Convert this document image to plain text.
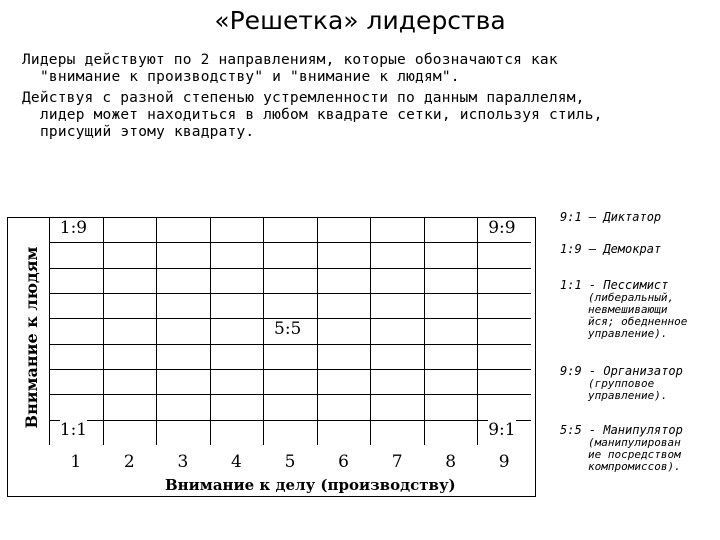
«Решетка» лидерства
Лидеры действуют по 2 направлениям, которые обозначаются как
"внимание к производству" и "внимание к людям".
Действуя с разной степенью устремленности по данным параллелям,
лидер может находиться в любом квадрате сетки, используя стиль,
присущий этому квадрату.
Внимание к людям
1:9	9:9
5:5
1:1	9:1
1	2	3	4	5	6	7	8	9
Внимание к делу (производству)
9:1 – Диктатор
1:9 – Демократ
1:1 - Пессимист
(либеральный,
невмешивающи
йся; обедненное
управление).
9:9 - Организатор
(групповое
управление).
5:5 - Манипулятор
(манипулирован
ие посредством
компромиссов).
